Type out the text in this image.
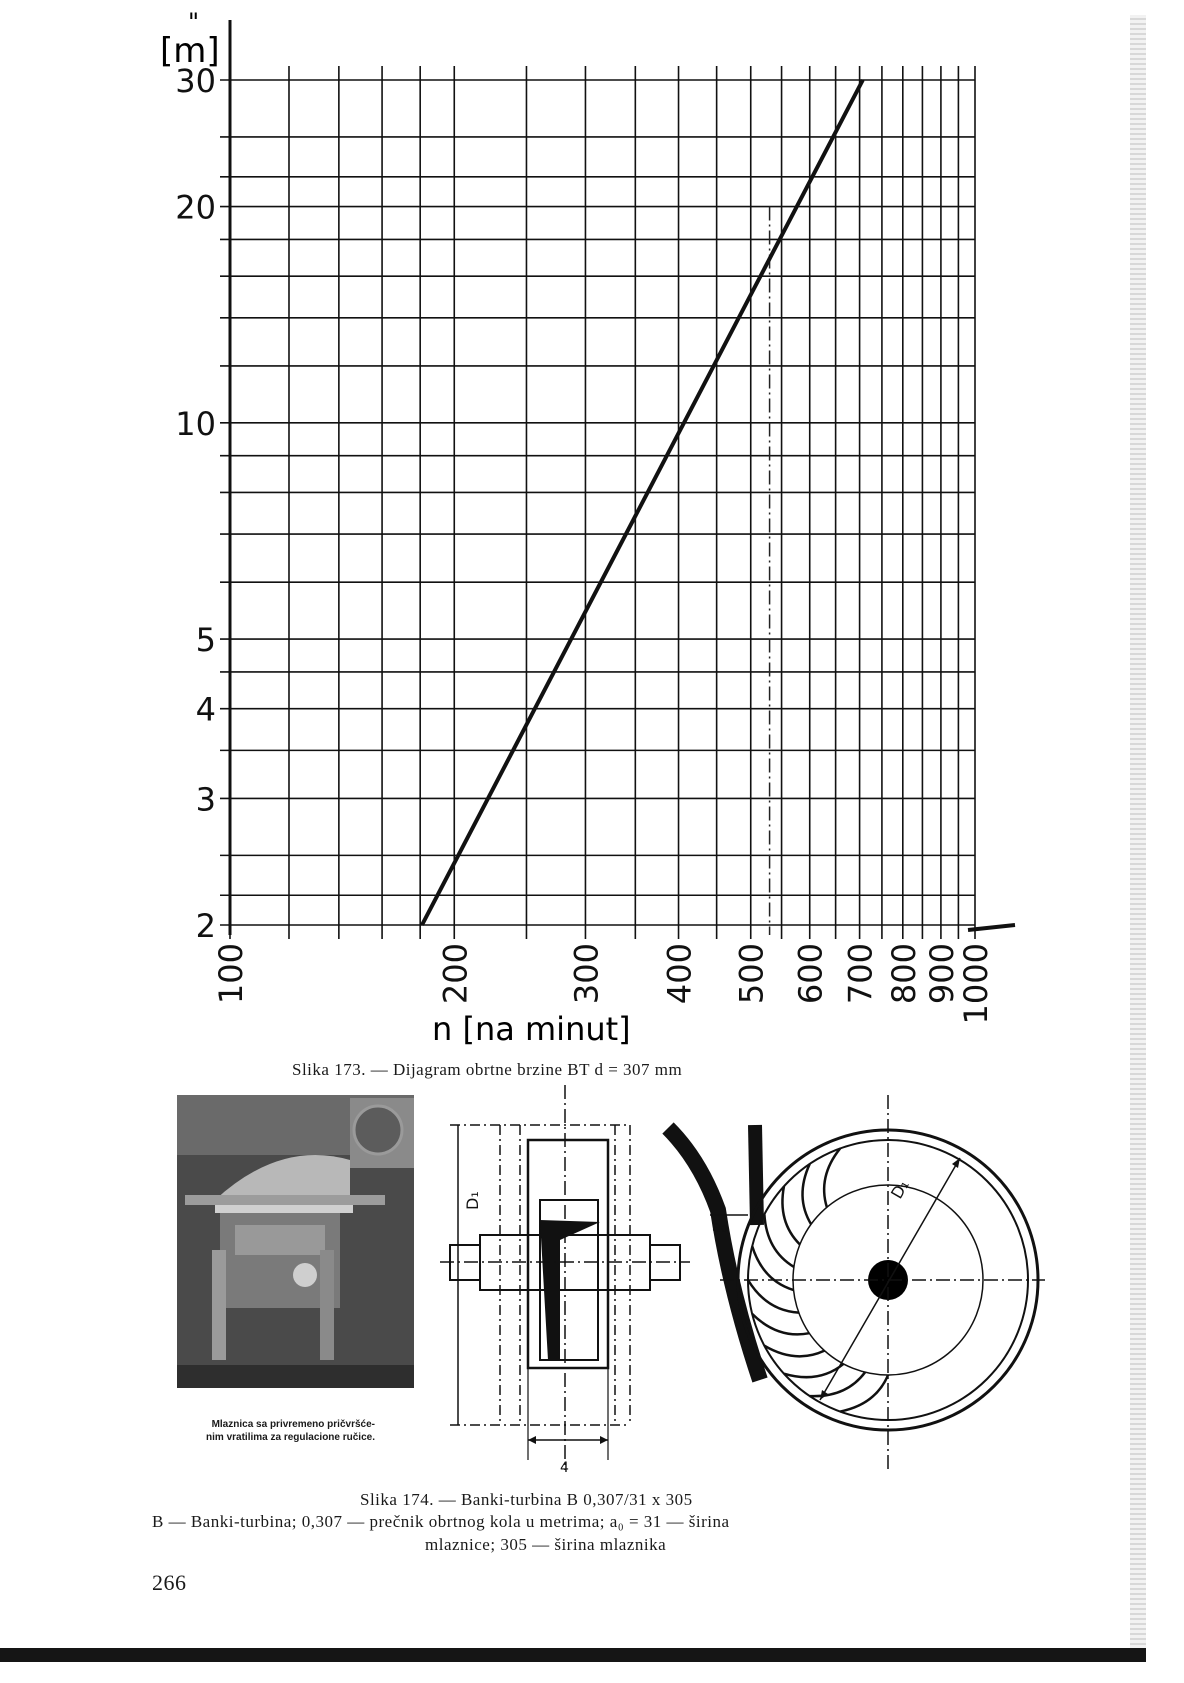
2
3
4
5
10
20
30
100	200	300 400 500 600 700 800 900
1000
[m]
"
n [na minut]
Slika 173. — Dijagram obrtne brzine BT d = 307 mm
D₁
4
D₁
a₀
Mlaznica sa privremeno pričvršće-nim vratilima za regulacione ručice.
Slika 174. — Banki-turbina B 0,307/31 x 305
B — Banki-turbina; 0,307 — prečnik obrtnog kola u metrima; a₀ = 31 — širina
mlaznice; 305 — širina mlaznika
266
